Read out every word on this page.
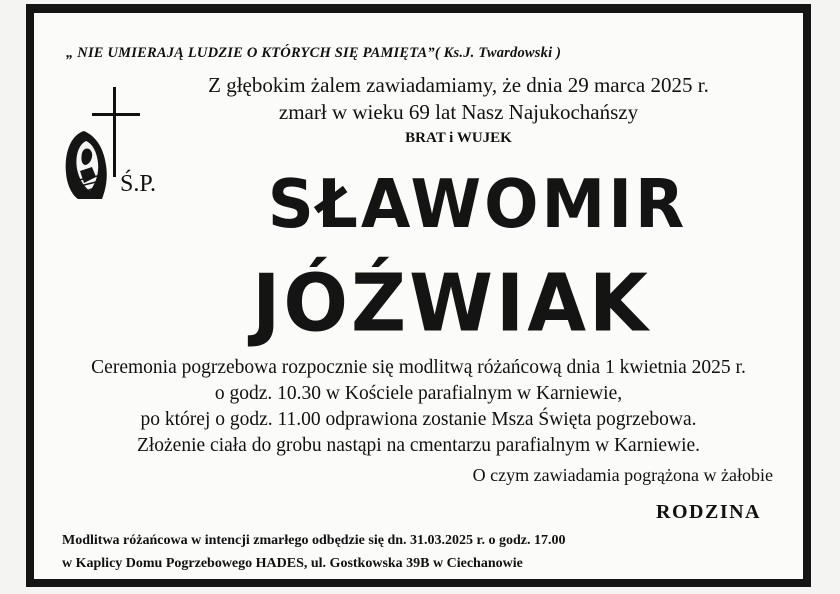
„ NIE UMIERAJĄ LUDZIE O KTÓRYCH SIĘ PAMIĘTA”( Ks.J. Twardowski )
Z głębokim żalem zawiadamiamy, że dnia 29 marca 2025 r.
zmarł w wieku 69 lat Nasz Najukochańszy
BRAT i WUJEK
Ś.P.	SŁAWOMIR
JÓŹWIAK
Ceremonia pogrzebowa rozpocznie się modlitwą różańcową dnia 1 kwietnia 2025 r.
o godz. 10.30 w Kościele parafialnym w Karniewie,
po której o godz. 11.00 odprawiona zostanie Msza Święta pogrzebowa.
Złożenie ciała do grobu nastąpi na cmentarzu parafialnym w Karniewie.
O czym zawiadamia pogrążona w żałobie
RODZINA
Modlitwa różańcowa w intencji zmarłego odbędzie się dn. 31.03.2025 r. o godz. 17.00
w Kaplicy Domu Pogrzebowego HADES, ul. Gostkowska 39B w Ciechanowie
